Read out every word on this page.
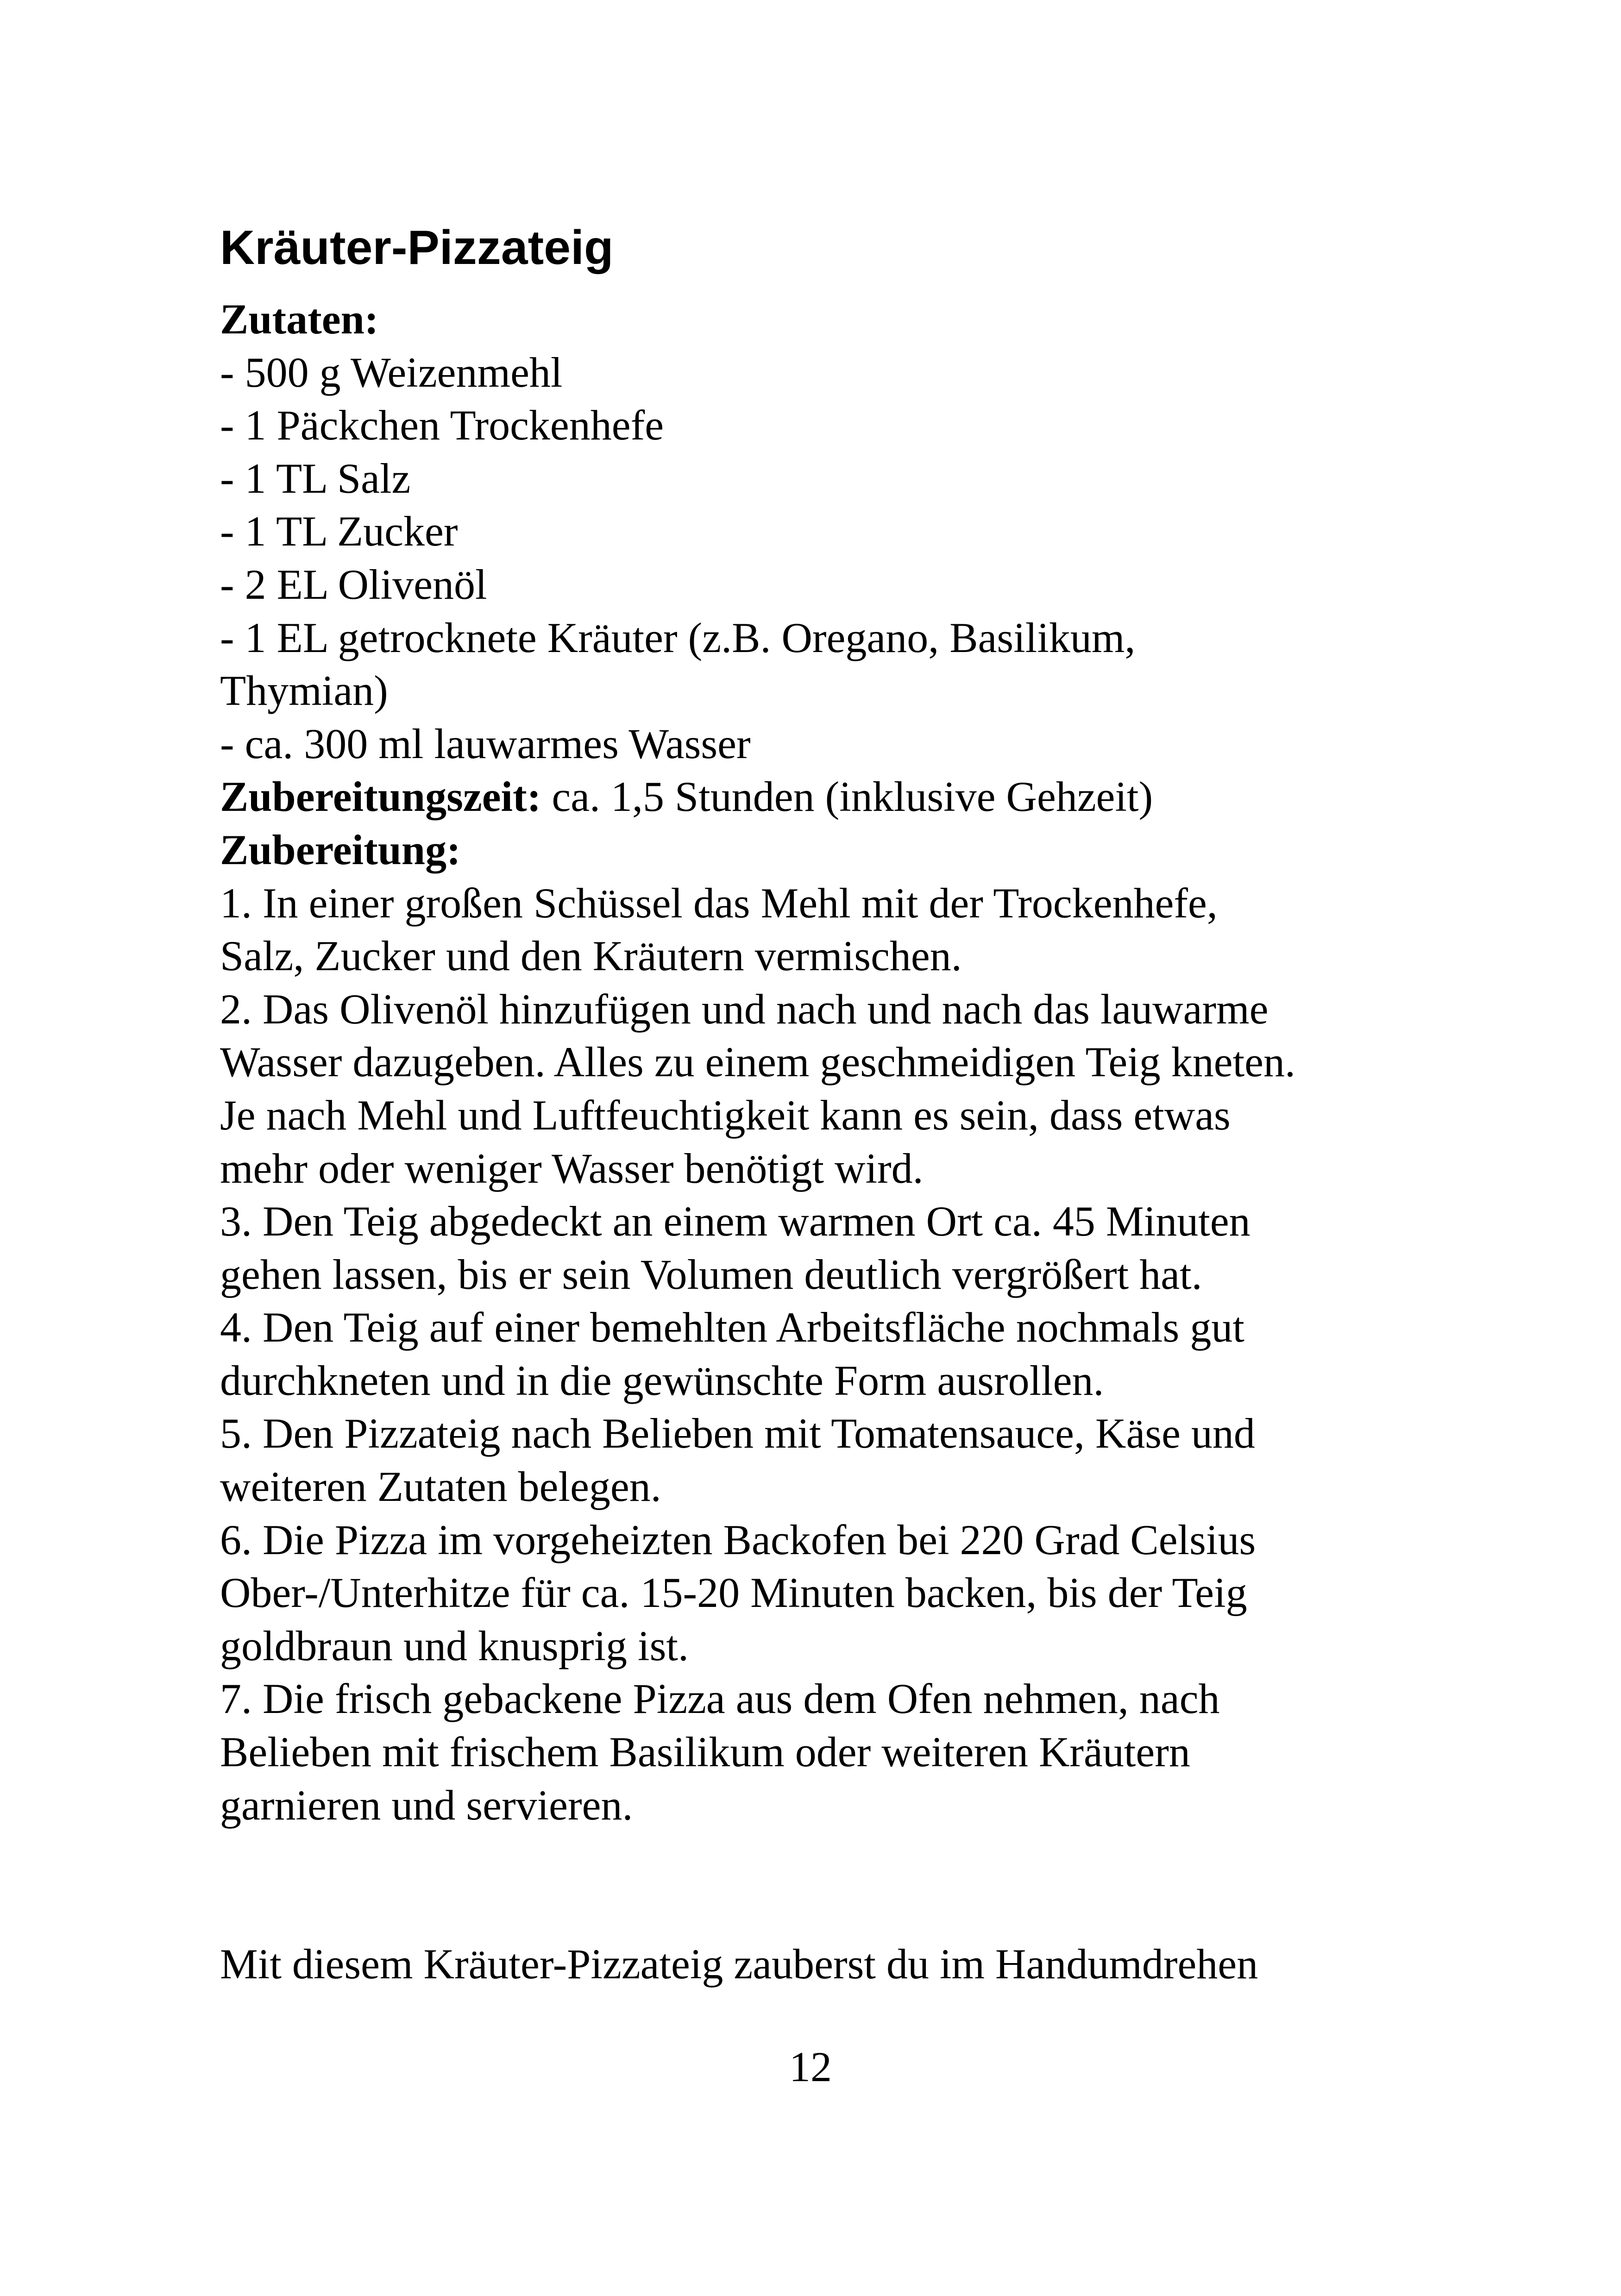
Kräuter-Pizzateig
Zutaten:
- 500 g Weizenmehl
- 1 Päckchen Trockenhefe
- 1 TL Salz
- 1 TL Zucker
- 2 EL Olivenöl
- 1 EL getrocknete Kräuter (z.B. Oregano, Basilikum,
Thymian)
- ca. 300 ml lauwarmes Wasser
Zubereitungszeit: ca. 1,5 Stunden (inklusive Gehzeit)
Zubereitung:
1. In einer großen Schüssel das Mehl mit der Trockenhefe,
Salz, Zucker und den Kräutern vermischen.
2. Das Olivenöl hinzufügen und nach und nach das lauwarme
Wasser dazugeben. Alles zu einem geschmeidigen Teig kneten.
Je nach Mehl und Luftfeuchtigkeit kann es sein, dass etwas
mehr oder weniger Wasser benötigt wird.
3. Den Teig abgedeckt an einem warmen Ort ca. 45 Minuten
gehen lassen, bis er sein Volumen deutlich vergrößert hat.
4. Den Teig auf einer bemehlten Arbeitsfläche nochmals gut
durchkneten und in die gewünschte Form ausrollen.
5. Den Pizzateig nach Belieben mit Tomatensauce, Käse und
weiteren Zutaten belegen.
6. Die Pizza im vorgeheizten Backofen bei 220 Grad Celsius
Ober-/Unterhitze für ca. 15-20 Minuten backen, bis der Teig
goldbraun und knusprig ist.
7. Die frisch gebackene Pizza aus dem Ofen nehmen, nach
Belieben mit frischem Basilikum oder weiteren Kräutern
garnieren und servieren.
Mit diesem Kräuter-Pizzateig zauberst du im Handumdrehen
12
